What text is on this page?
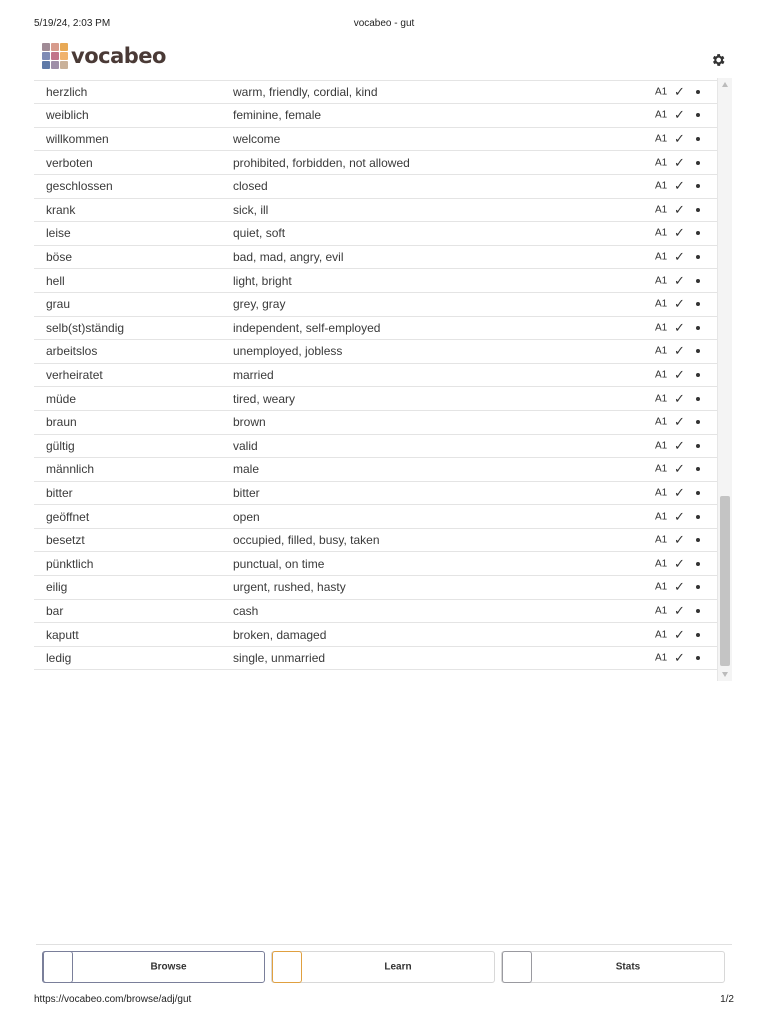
5/19/24, 2:03 PM	vocabeo - gut
herzlich	warm, friendly, cordial, kind	A1 ✓
weiblich	feminine, female	A1 ✓
willkommen	welcome	A1 ✓
verboten	prohibited, forbidden, not allowed	A1 ✓
geschlossen	closed	A1 ✓
krank	sick, ill	A1 ✓
leise	quiet, soft	A1 ✓
böse	bad, mad, angry, evil	A1 ✓
hell	light, bright	A1 ✓
grau	grey, gray	A1 ✓
selb(st)ständig	independent, self-employed	A1 ✓
arbeitslos	unemployed, jobless	A1 ✓
verheiratet	married	A1 ✓
müde	tired, weary	A1 ✓
braun	brown	A1 ✓
gültig	valid	A1 ✓
männlich	male	A1 ✓
bitter	bitter	A1 ✓
geöffnet	open	A1 ✓
besetzt	occupied, filled, busy, taken	A1 ✓
pünktlich	punctual, on time	A1 ✓
eilig	urgent, rushed, hasty	A1 ✓
bar	cash	A1 ✓
kaputt	broken, damaged	A1 ✓
ledig	single, unmarried	A1 ✓
vocabeo
Browse	Learn	Stats
https://vocabeo.com/browse/adj/gut	1/2
